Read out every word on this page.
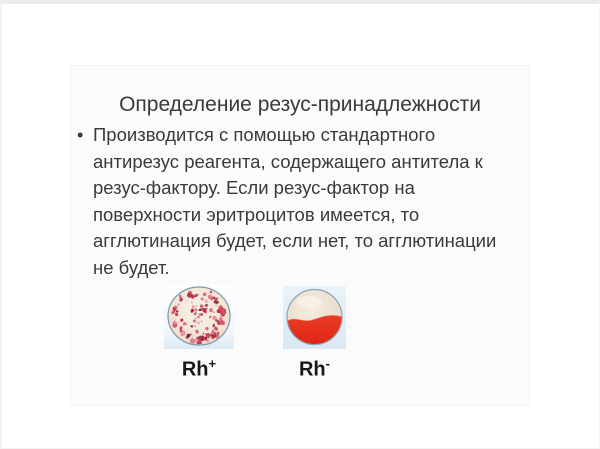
Определение резус-принадлежности
• Производится с помощью стандартного
антирезус реагента, содержащего антитела к
резус-фактору. Если резус-фактор на
поверхности эритроцитов имеется, то
агглютинация будет, если нет, то агглютинации
не будет.
Rh+	Rh-
